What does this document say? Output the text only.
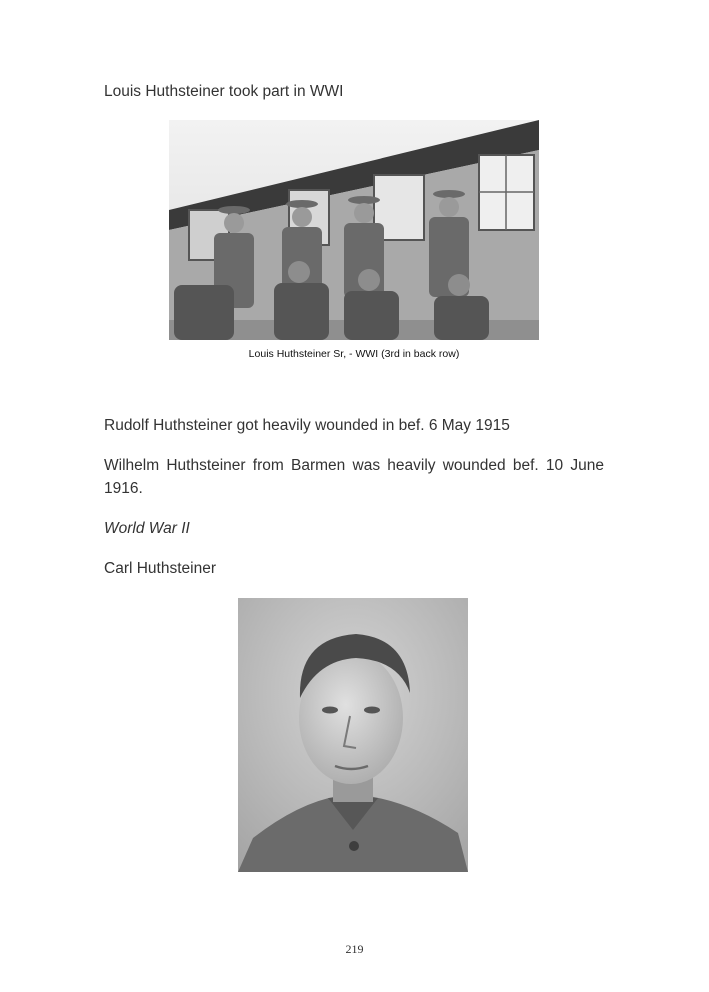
Louis Huthsteiner took part in WWI

Louis Huthsteiner Sr, - WWI (3rd in back row)

Rudolf Huthsteiner got heavily wounded in bef. 6 May 1915

Wilhelm Huthsteiner from Barmen was heavily wounded bef. 10 June 1916.

World War II

Carl Huthsteiner

219
